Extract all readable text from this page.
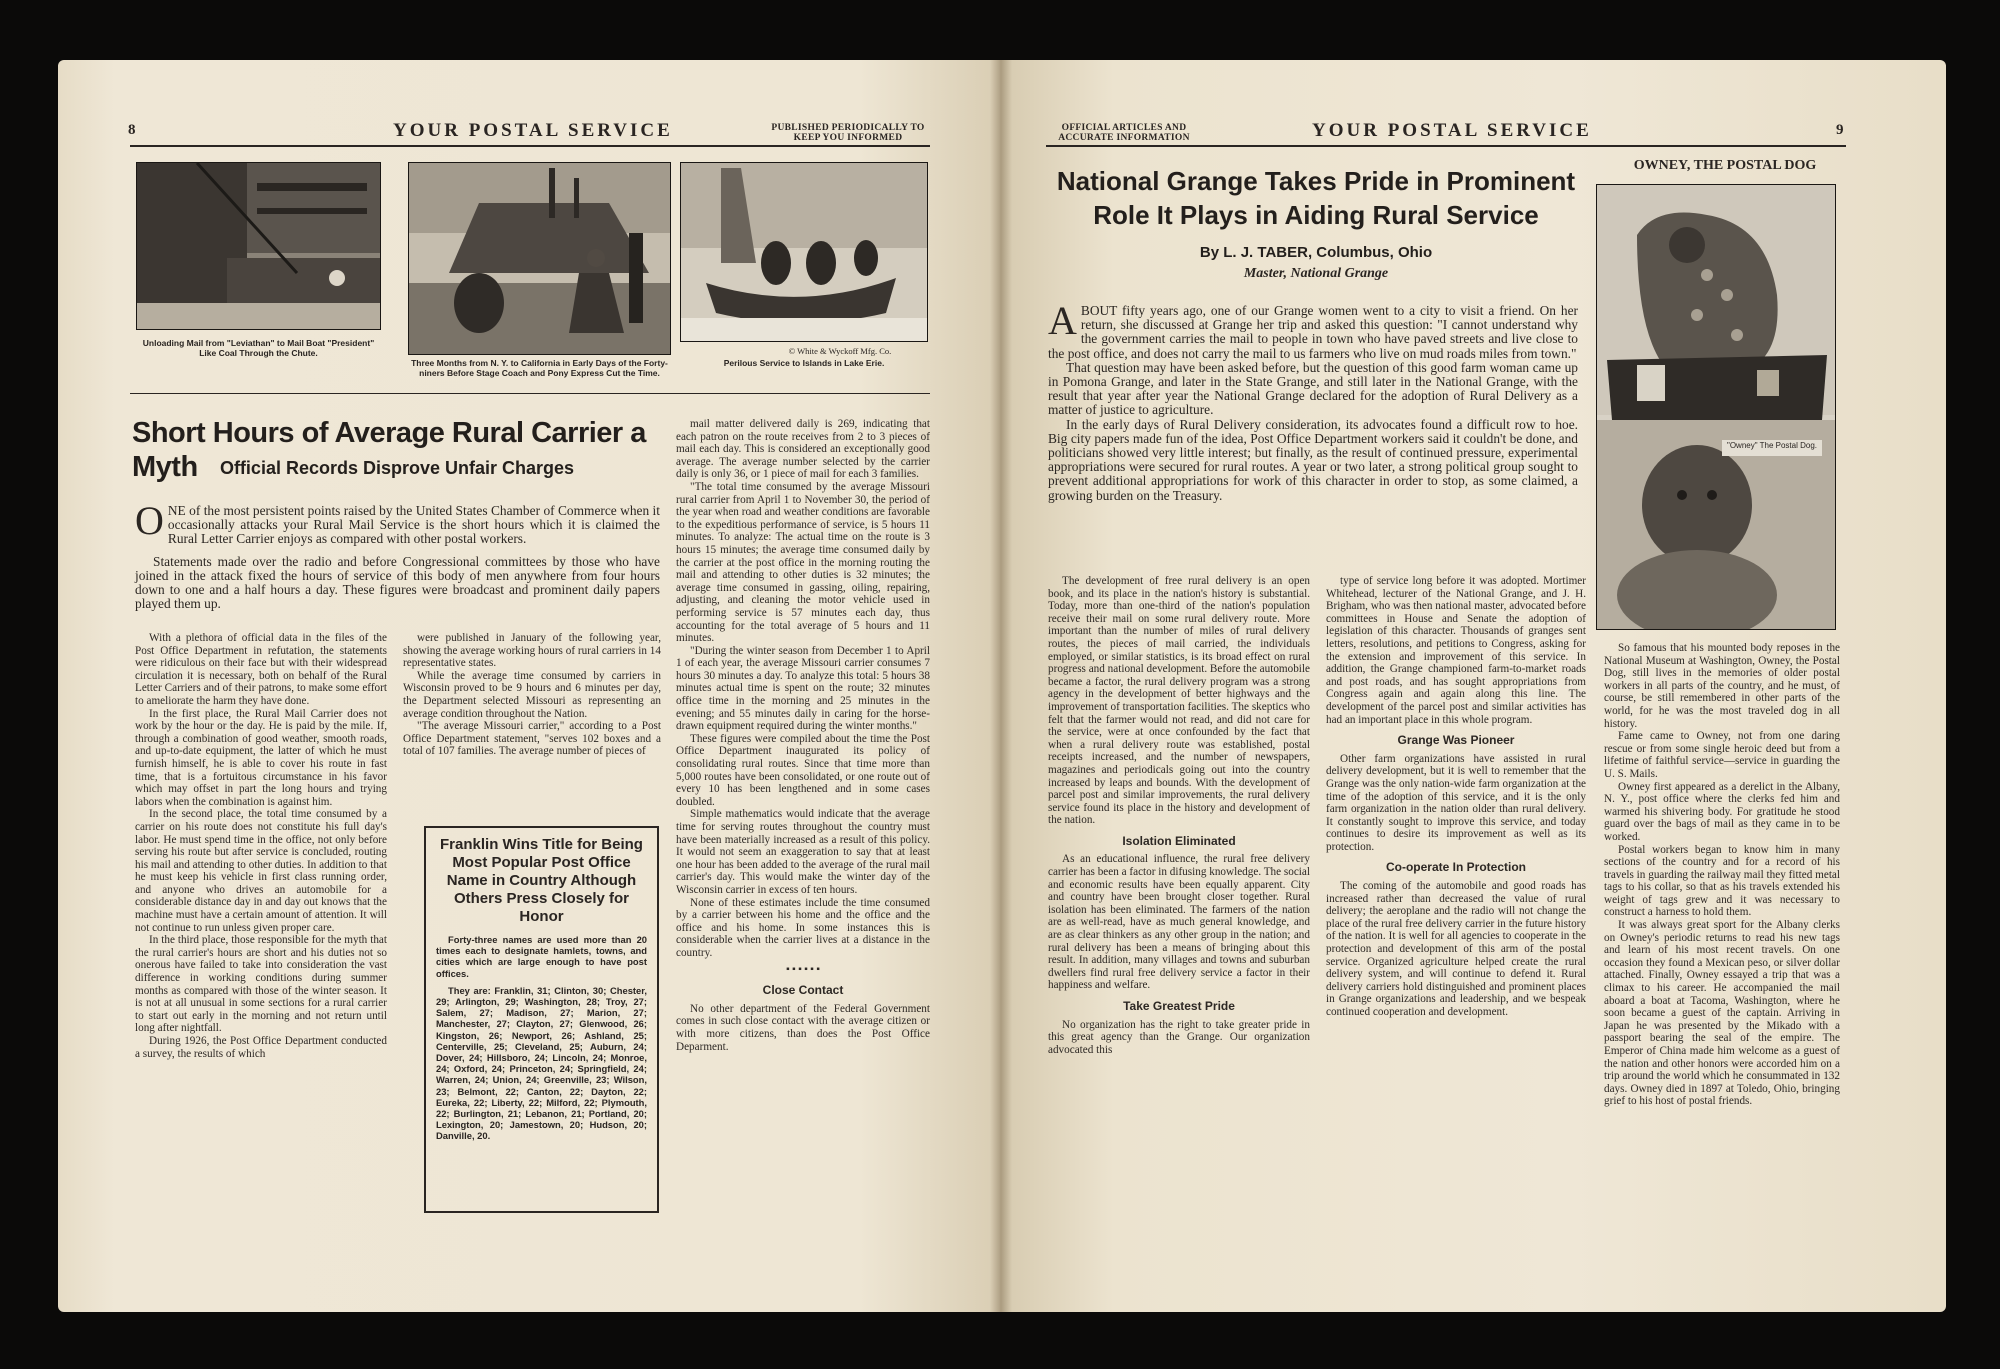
8	YOUR POSTAL SERVICE	PUBLISHED PERIODICALLY TO KEEP YOU INFORMED
Unloading Mail from "Leviathan" to Mail Boat "President" Like Coal Through the Chute.
Three Months from N. Y. to California in Early Days of the Forty-niners Before Stage Coach and Pony Express Cut the Time.
© White & Wyckoff Mfg. Co.
Perilous Service to Islands in Lake Erie.
Short Hours of Average Rural Carrier a Myth	Official Records Disprove Unfair Charges
O NE of the most persistent points raised by the United States Chamber of Commerce when it occasionally attacks your Rural Mail Service is the short hours which it is claimed the Rural Letter Carrier enjoys as compared with other postal workers.

Statements made over the radio and before Congressional committees by those who have joined in the attack fixed the hours of service of this body of men anywhere from four hours down to one and a half hours a day. These figures were broadcast and prominent daily papers played them up.

With a plethora of official data in the files of the Post Office Department in refutation, the statements were ridiculous on their face but with their widespread circulation it is necessary, both on behalf of the Rural Letter Carriers and of their patrons, to make some effort to ameliorate the harm they have done.

In the first place, the Rural Mail Carrier does not work by the hour or the day. He is paid by the mile. If, through a combination of good weather, smooth roads, and up-to-date equipment, the latter of which he must furnish himself, he is able to cover his route in fast time, that is a fortuitous circumstance in his favor which may offset in part the long hours and trying labors when the combination is against him.

In the second place, the total time consumed by a carrier on his route does not constitute his full day's labor. He must spend time in the office, not only before serving his route but after service is concluded, routing his mail and attending to other duties. In addition to that he must keep his vehicle in first class running order, and anyone who drives an automobile for a considerable distance day in and day out knows that the machine must have a certain amount of attention. It will not continue to run unless given proper care.

In the third place, those responsible for the myth that the rural carrier's hours are short and his duties not so onerous have failed to take into consideration the vast difference in working conditions during summer months as compared with those of the winter season. It is not at all unusual in some sections for a rural carrier to start out early in the morning and not return until long after nightfall.

During 1926, the Post Office Department conducted a survey, the results of which

were published in January of the following year, showing the average working hours of rural carriers in 14 representative states.

While the average time consumed by carriers in Wisconsin proved to be 9 hours and 6 minutes per day, the Department selected Missouri as representing an average condition throughout the Nation.

"The average Missouri carrier," according to a Post Office Department statement, "serves 102 boxes and a total of 107 families. The average number of pieces of

Franklin Wins Title for Being Most Popular Post Office Name in Country Although Others Press Closely for Honor

Forty-three names are used more than 20 times each to designate hamlets, towns, and cities which are large enough to have post offices.

They are: Franklin, 31; Clinton, 30; Chester, 29; Arlington, 29; Washington, 28; Troy, 27; Salem, 27; Madison, 27; Marion, 27; Manchester, 27; Clayton, 27; Glenwood, 26; Kingston, 26; Newport, 26; Ashland, 25; Centerville, 25; Cleveland, 25; Auburn, 24; Dover, 24; Hillsboro, 24; Lincoln, 24; Monroe, 24; Oxford, 24; Princeton, 24; Springfield, 24; Warren, 24; Union, 24; Greenville, 23; Wilson, 23; Belmont, 22; Canton, 22; Dayton, 22; Eureka, 22; Liberty, 22; Milford, 22; Plymouth, 22; Burlington, 21; Lebanon, 21; Portland, 20; Lexington, 20; Jamestown, 20; Hudson, 20; Danville, 20.

mail matter delivered daily is 269, indicating that each patron on the route receives from 2 to 3 pieces of mail each day. This is considered an exceptionally good average. The average number selected by the carrier daily is only 36, or 1 piece of mail for each 3 families.

"The total time consumed by the average Missouri rural carrier from April 1 to November 30, the period of the year when road and weather conditions are favorable to the expeditious performance of service, is 5 hours 11 minutes. To analyze: The actual time on the route is 3 hours 15 minutes; the average time consumed daily by the carrier at the post office in the morning routing the mail and attending to other duties is 32 minutes; the average time consumed in gassing, oiling, repairing, adjusting, and cleaning the motor vehicle used in performing service is 57 minutes each day, thus accounting for the total average of 5 hours and 11 minutes.

"During the winter season from December 1 to April 1 of each year, the average Missouri carrier consumes 7 hours 30 minutes a day. To analyze this total: 5 hours 38 minutes actual time is spent on the route; 32 minutes office time in the morning and 25 minutes in the evening; and 55 minutes daily in caring for the horse-drawn equipment required during the winter months."

These figures were compiled about the time the Post Office Department inaugurated its policy of consolidating rural routes. Since that time more than 5,000 routes have been consolidated, or one route out of every 10 has been lengthened and in some cases doubled.

Simple mathematics would indicate that the average time for serving routes throughout the country must have been materially increased as a result of this policy. It would not seem an exaggeration to say that at least one hour has been added to the average of the rural mail carrier's day. This would make the winter day of the Wisconsin carrier in excess of ten hours.

None of these estimates include the time consumed by a carrier between his home and the office and the office and his home. In some instances this is considerable when the carrier lives at a distance in the country.

▪ ▪ ▪ ▪ ▪ ▪
Close Contact

No other department of the Federal Government comes in such close contact with the average citizen or with more citizens, than does the Post Office Deparment.

OFFICIAL ARTICLES AND ACCURATE INFORMATION	YOUR POSTAL SERVICE	9
National Grange Takes Pride in Prominent
Role It Plays in Aiding Rural Service
By L. J. TABER, Columbus, Ohio
Master, National Grange
A BOUT fifty years ago, one of our Grange women went to a city to visit a friend. On her return, she discussed at Grange her trip and asked this question: "I cannot understand why the government carries the mail to people in town who have paved streets and live close to the post office, and does not carry the mail to us farmers who live on mud roads miles from town."

That question may have been asked before, but the question of this good farm woman came up in Pomona Grange, and later in the State Grange, and still later in the National Grange, with the result that year after year the National Grange declared for the adoption of Rural Delivery as a matter of justice to agriculture.

In the early days of Rural Delivery consideration, its advocates found a difficult row to hoe. Big city papers made fun of the idea, Post Office Department workers said it couldn't be done, and politicians showed very little interest; but finally, as the result of continued pressure, experimental appropriations were secured for rural routes. A year or two later, a strong political group sought to prevent additional appropriations for work of this character in order to stop, as some claimed, a growing burden on the Treasury.

The development of free rural delivery is an open book, and its place in the nation's history is substantial. Today, more than one-third of the nation's population receive their mail on some rural delivery route. More important than the number of miles of rural delivery routes, the pieces of mail carried, the individuals employed, or similar statistics, is its broad effect on rural progress and national development. Before the automobile became a factor, the rural delivery program was a strong agency in the development of better highways and the improvement of transportation facilities. The skeptics who felt that the farmer would not read, and did not care for the service, were at once confounded by the fact that when a rural delivery route was established, postal receipts increased, and the number of newspapers, magazines and periodicals going out into the country increased by leaps and bounds. With the development of parcel post and similar improvements, the rural delivery service found its place in the history and development of the nation.

Isolation Eliminated

As an educational influence, the rural free delivery carrier has been a factor in difusing knowledge. The social and economic results have been equally apparent. City and country have been brought closer together. Rural isolation has been eliminated. The farmers of the nation are as well-read, have as much general knowledge, and are as clear thinkers as any other group in the nation; and rural delivery has been a means of bringing about this result. In addition, many villages and towns and suburban dwellers find rural free delivery service a factor in their happiness and welfare.

Take Greatest Pride

No organization has the right to take greater pride in this great agency than the Grange. Our organization advocated this

type of service long before it was adopted. Mortimer Whitehead, lecturer of the National Grange, and J. H. Brigham, who was then national master, advocated before committees in House and Senate the adoption of legislation of this character. Thousands of granges sent letters, resolutions, and petitions to Congress, asking for the extension and improvement of this service. In addition, the Grange championed farm-to-market roads and post roads, and has sought appropriations from Congress again and again along this line. The development of the parcel post and similar activities has had an important place in this whole program.

Grange Was Pioneer

Other farm organizations have assisted in rural delivery development, but it is well to remember that the Grange was the only nation-wide farm organization at the time of the adoption of this service, and it is the only farm organization in the nation older than rural delivery. It constantly sought to improve this service, and today continues to desire its improvement as well as its protection.

Co-operate In Protection

The coming of the automobile and good roads has increased rather than decreased the value of rural delivery; the aeroplane and the radio will not change the place of the rural free delivery carrier in the future history of the nation. It is well for all agencies to cooperate in the protection and development of this arm of the postal service. Organized agriculture helped create the rural delivery system, and will continue to defend it. Rural delivery carriers hold distinguished and prominent places in Grange organizations and leadership, and we bespeak continued cooperation and development.

OWNEY, THE POSTAL DOG
"Owney" The Postal Dog.

So famous that his mounted body reposes in the National Museum at Washington, Owney, the Postal Dog, still lives in the memories of older postal workers in all parts of the country, and he must, of course, be still remembered in other parts of the world, for he was the most traveled dog in all history.

Fame came to Owney, not from one daring rescue or from some single heroic deed but from a lifetime of faithful service—service in guarding the U. S. Mails.

Owney first appeared as a derelict in the Albany, N. Y., post office where the clerks fed him and warmed his shivering body. For gratitude he stood guard over the bags of mail as they came in to be worked.

Postal workers began to know him in many sections of the country and for a record of his travels in guarding the railway mail they fitted metal tags to his collar, so that as his travels extended his weight of tags grew and it was necessary to construct a harness to hold them.

It was always great sport for the Albany clerks on Owney's periodic returns to read his new tags and learn of his most recent travels. On one occasion they found a Mexican peso, or silver dollar attached. Finally, Owney essayed a trip that was a climax to his career. He accompanied the mail aboard a boat at Tacoma, Washington, where he soon became a guest of the captain. Arriving in Japan he was presented by the Mikado with a passport bearing the seal of the empire. The Emperor of China made him welcome as a guest of the nation and other honors were accorded him on a trip around the world which he consummated in 132 days. Owney died in 1897 at Toledo, Ohio, bringing grief to his host of postal friends.
